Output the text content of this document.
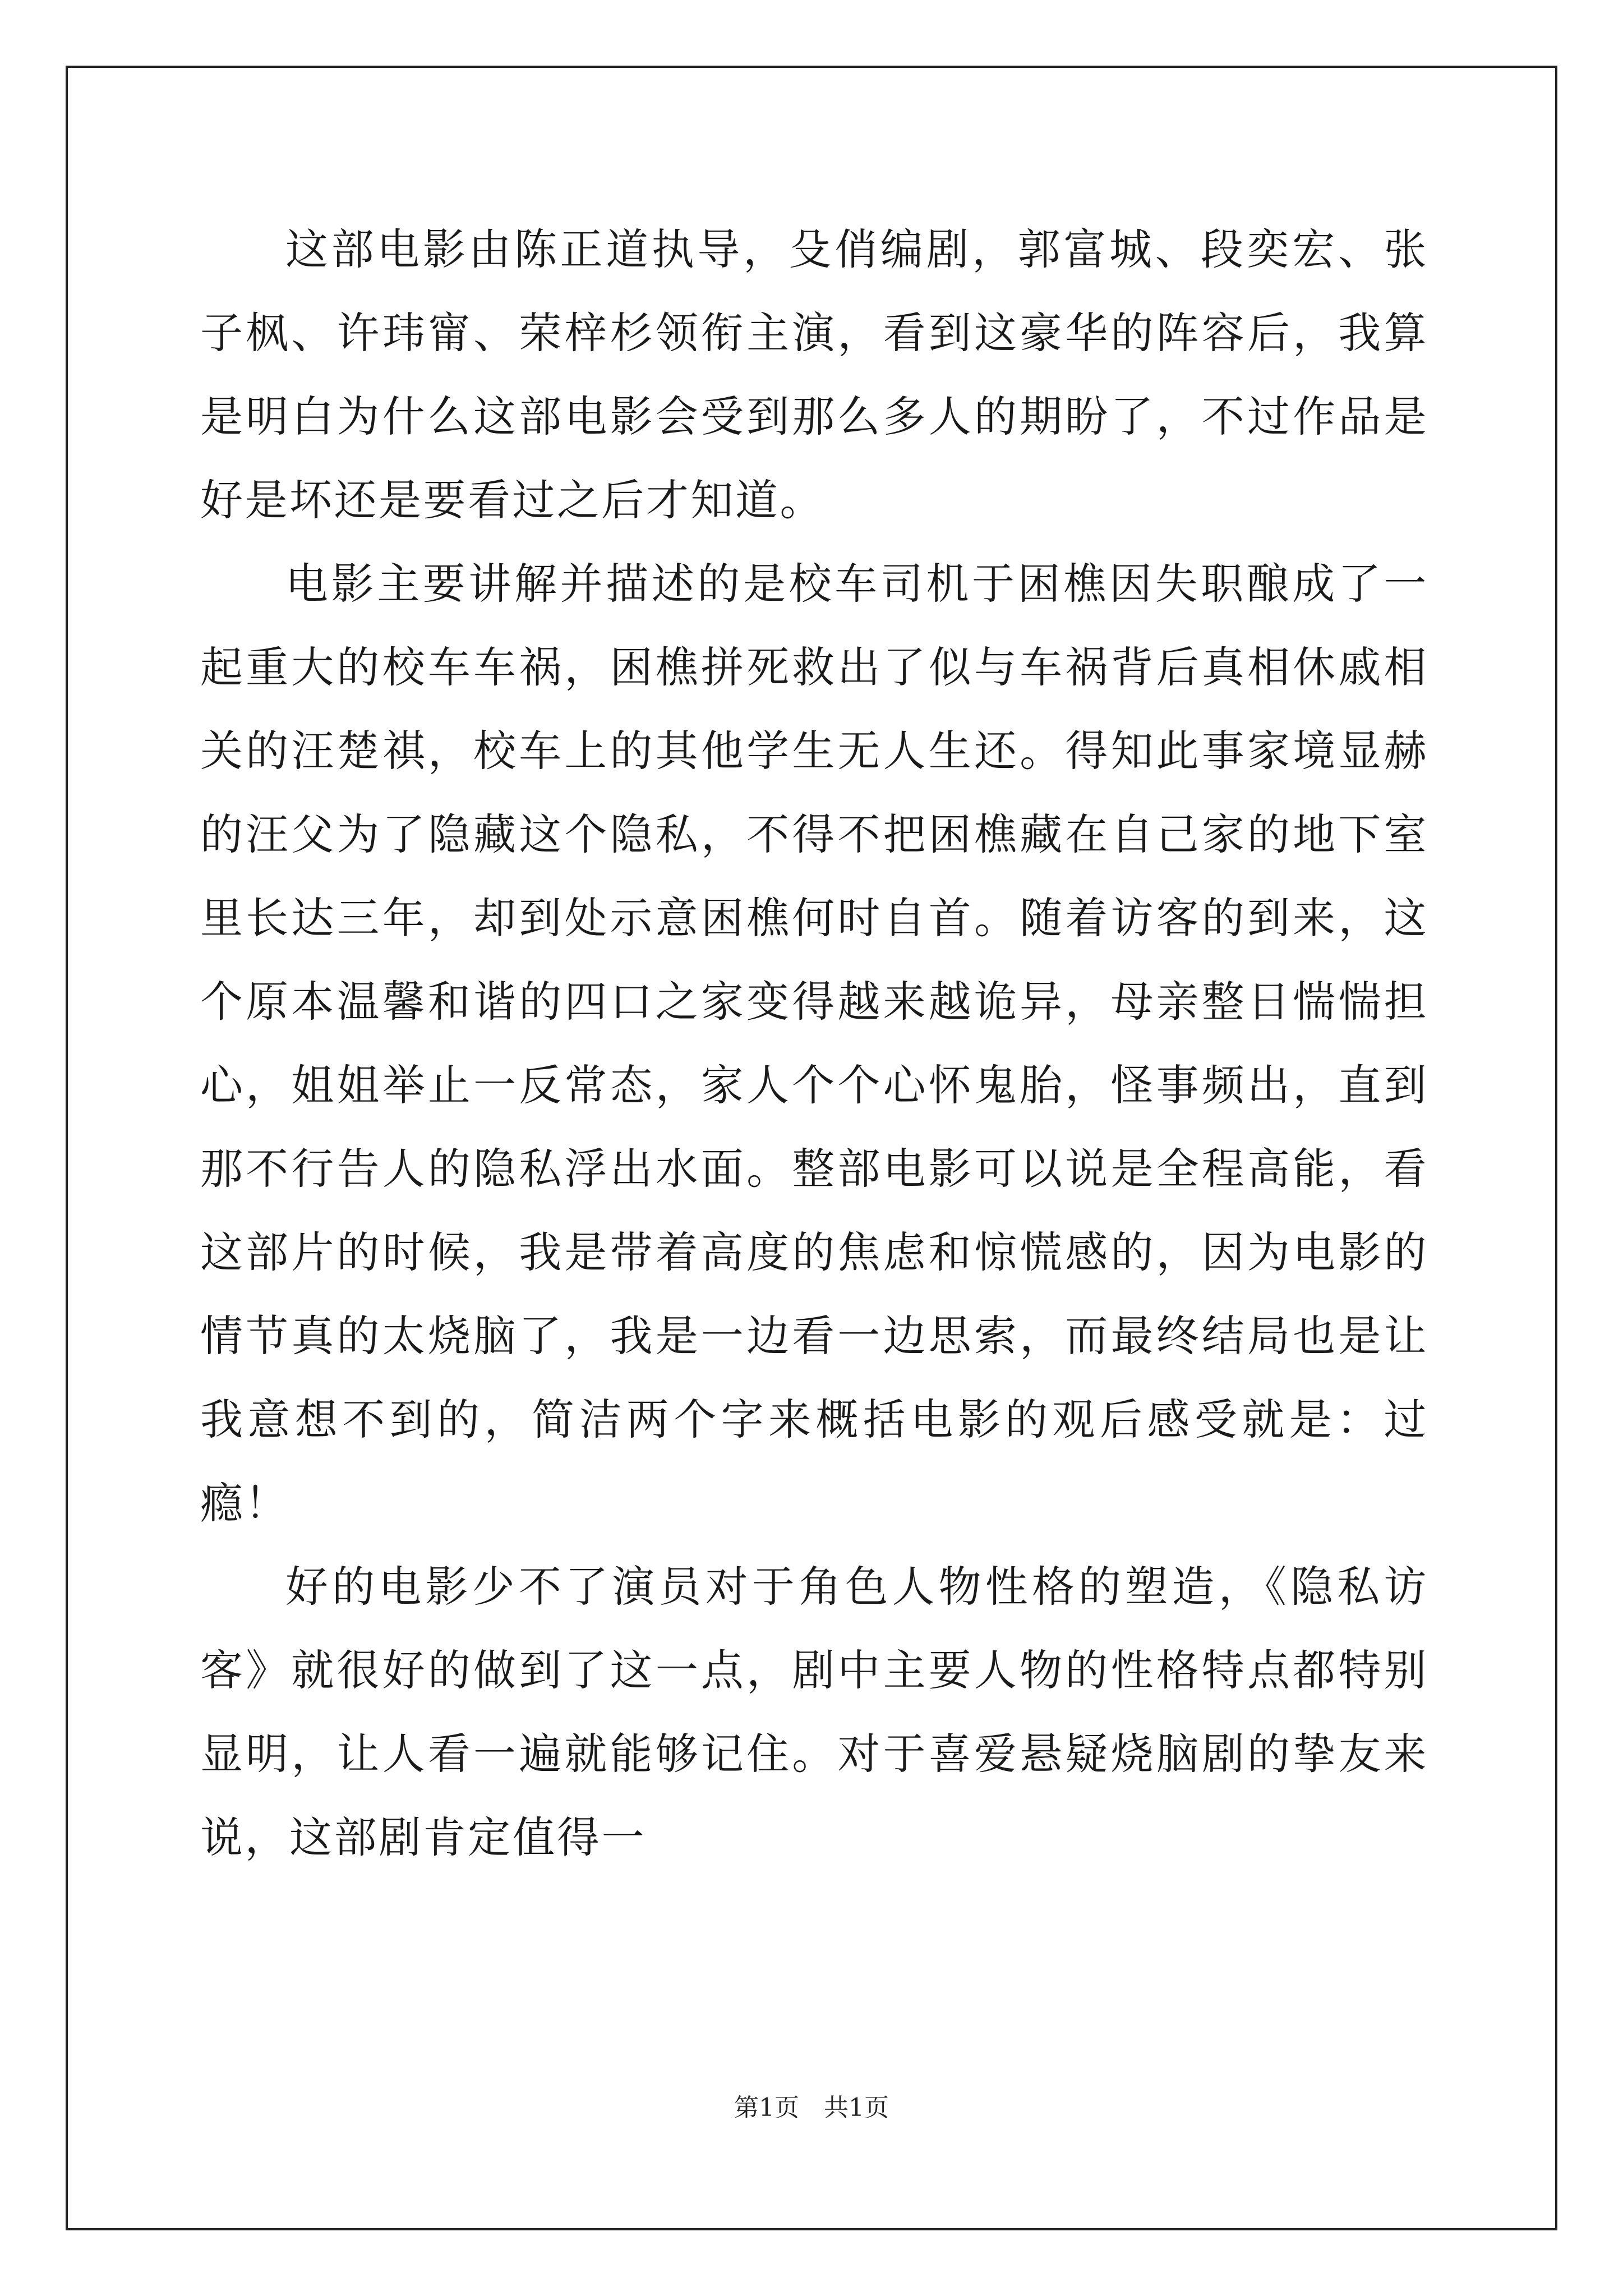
这部电影由陈正道执导，殳俏编剧，郭富城、段奕宏、张子枫、许玮甯、荣梓杉领衔主演，看到这豪华的阵容后，我算是明白为什么这部电影会受到那么多人的期盼了，不过作品是好是坏还是要看过之后才知道。

电影主要讲解并描述的是校车司机于困樵因失职酿成了一起重大的校车车祸，困樵拼死救出了似与车祸背后真相休戚相关的汪楚祺，校车上的其他学生无人生还。得知此事家境显赫的汪父为了隐藏这个隐私，不得不把困樵藏在自己家的地下室里长达三年，却到处示意困樵何时自首。随着访客的到来，这个原本温馨和谐的四口之家变得越来越诡异，母亲整日惴惴担心，姐姐举止一反常态，家人个个心怀鬼胎，怪事频出，直到那不行告人的隐私浮出水面。整部电影可以说是全程高能，看这部片的时候，我是带着高度的焦虑和惊慌感的，因为电影的情节真的太烧脑了，我是一边看一边思索，而最终结局也是让我意想不到的，简洁两个字来概括电影的观后感受就是：过瘾！

好的电影少不了演员对于角色人物性格的塑造，《隐私访客》就很好的做到了这一点，剧中主要人物的性格特点都特别显明，让人看一遍就能够记住。对于喜爱悬疑烧脑剧的挚友来说，这部剧肯定值得一

第1页 共1页
